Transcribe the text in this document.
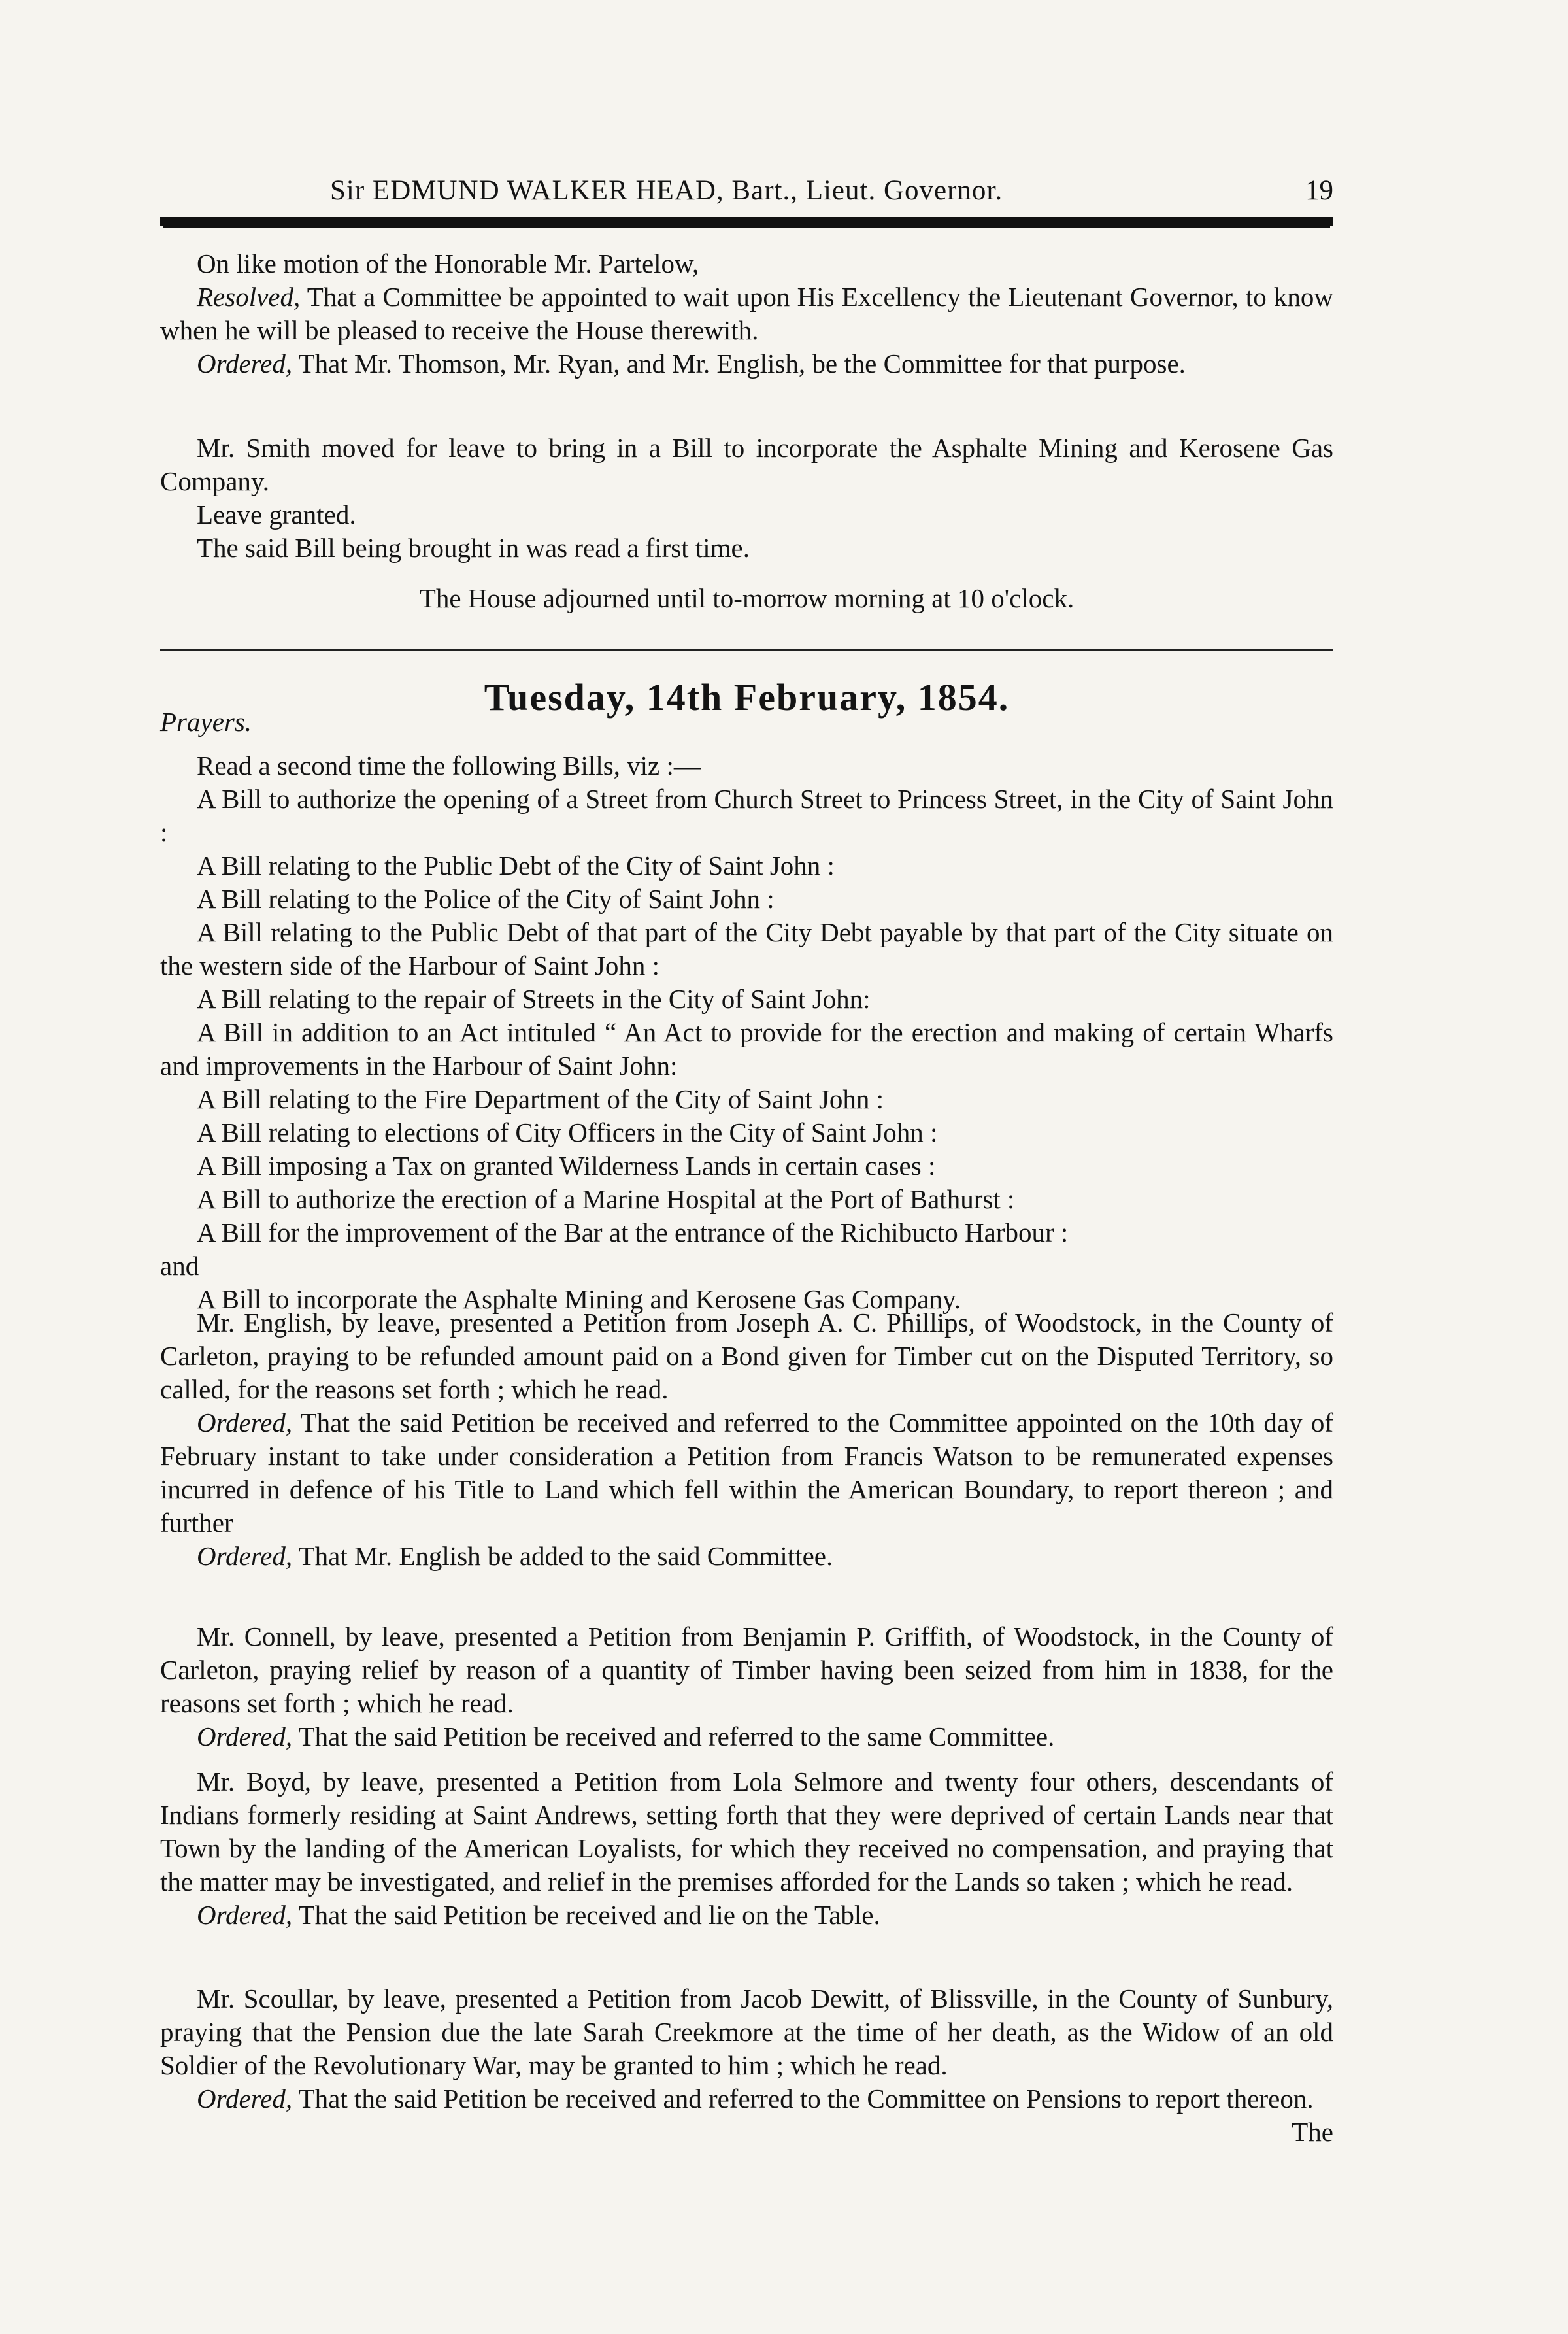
Sir EDMUND WALKER HEAD, Bart., Lieut. Governor.	19

On like motion of the Honorable Mr. Partelow,

Resolved, That a Committee be appointed to wait upon His Excellency the Lieutenant Governor, to know when he will be pleased to receive the House therewith.

Ordered, That Mr. Thomson, Mr. Ryan, and Mr. English, be the Committee for that purpose.

Mr. Smith moved for leave to bring in a Bill to incorporate the Asphalte Mining and Kerosene Gas Company.

Leave granted.

The said Bill being brought in was read a first time.

The House adjourned until to-morrow morning at 10 o'clock.

Tuesday, 14th February, 1854.
Prayers.

Read a second time the following Bills, viz :—

A Bill to authorize the opening of a Street from Church Street to Princess Street, in the City of Saint John :

A Bill relating to the Public Debt of the City of Saint John :

A Bill relating to the Police of the City of Saint John :

A Bill relating to the Public Debt of that part of the City Debt payable by that part of the City situate on the western side of the Harbour of Saint John :

A Bill relating to the repair of Streets in the City of Saint John:

A Bill in addition to an Act intituled “ An Act to provide for the erection and making of certain Wharfs and improvements in the Harbour of Saint John:

A Bill relating to the Fire Department of the City of Saint John :

A Bill relating to elections of City Officers in the City of Saint John :

A Bill imposing a Tax on granted Wilderness Lands in certain cases :

A Bill to authorize the erection of a Marine Hospital at the Port of Bathurst :

A Bill for the improvement of the Bar at the entrance of the Richibucto Harbour :

and

A Bill to incorporate the Asphalte Mining and Kerosene Gas Company.

Mr. English, by leave, presented a Petition from Joseph A. C. Phillips, of Woodstock, in the County of Carleton, praying to be refunded amount paid on a Bond given for Timber cut on the Disputed Territory, so called, for the reasons set forth ; which he read.

Ordered, That the said Petition be received and referred to the Committee appointed on the 10th day of February instant to take under consideration a Petition from Francis Watson to be remunerated expenses incurred in defence of his Title to Land which fell within the American Boundary, to report thereon ; and further

Ordered, That Mr. English be added to the said Committee.

Mr. Connell, by leave, presented a Petition from Benjamin P. Griffith, of Woodstock, in the County of Carleton, praying relief by reason of a quantity of Timber having been seized from him in 1838, for the reasons set forth ; which he read.

Ordered, That the said Petition be received and referred to the same Committee.

Mr. Boyd, by leave, presented a Petition from Lola Selmore and twenty four others, descendants of Indians formerly residing at Saint Andrews, setting forth that they were deprived of certain Lands near that Town by the landing of the American Loyalists, for which they received no compensation, and praying that the matter may be investigated, and relief in the premises afforded for the Lands so taken ; which he read.

Ordered, That the said Petition be received and lie on the Table.

Mr. Scoullar, by leave, presented a Petition from Jacob Dewitt, of Blissville, in the County of Sunbury, praying that the Pension due the late Sarah Creekmore at the time of her death, as the Widow of an old Soldier of the Revolutionary War, may be granted to him ; which he read.

Ordered, That the said Petition be received and referred to the Committee on Pensions to report thereon.
The
